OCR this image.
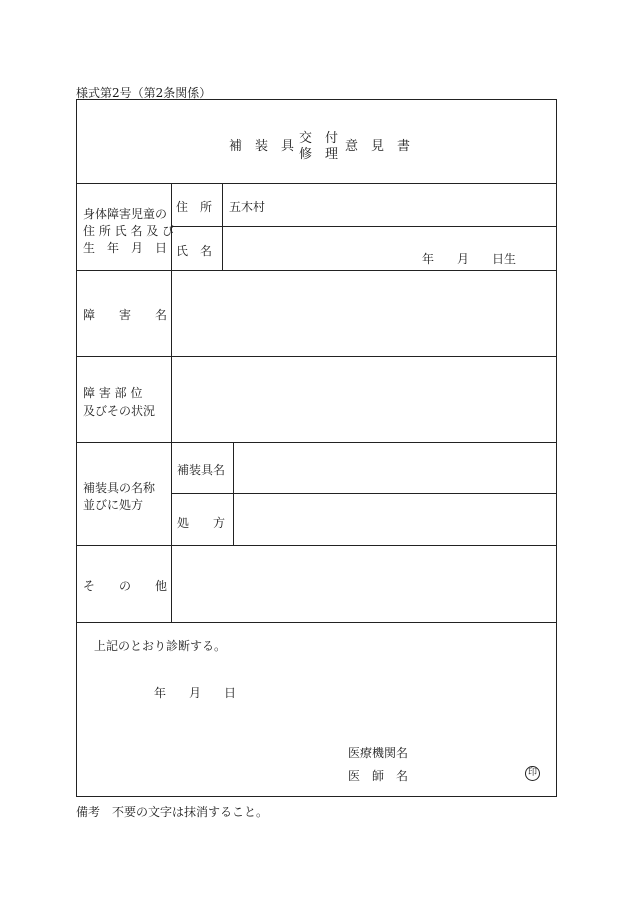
様式第2号（第2条関係）
補　装　具
交　付
修　理
意　見　書
身体障害児童の
住 所 氏 名 及 び
生　年　月　日
住　所 五木村
氏　名
年 月 日生
障　　害　　名
障 害 部 位
及びその状況
補装具の名称
並びに処方
補装具名
処　　方
そ　　の　　他
上記のとおり診断する。
年 月 日
医療機関名
医　師　名	印
備考　不要の文字は抹消すること。
